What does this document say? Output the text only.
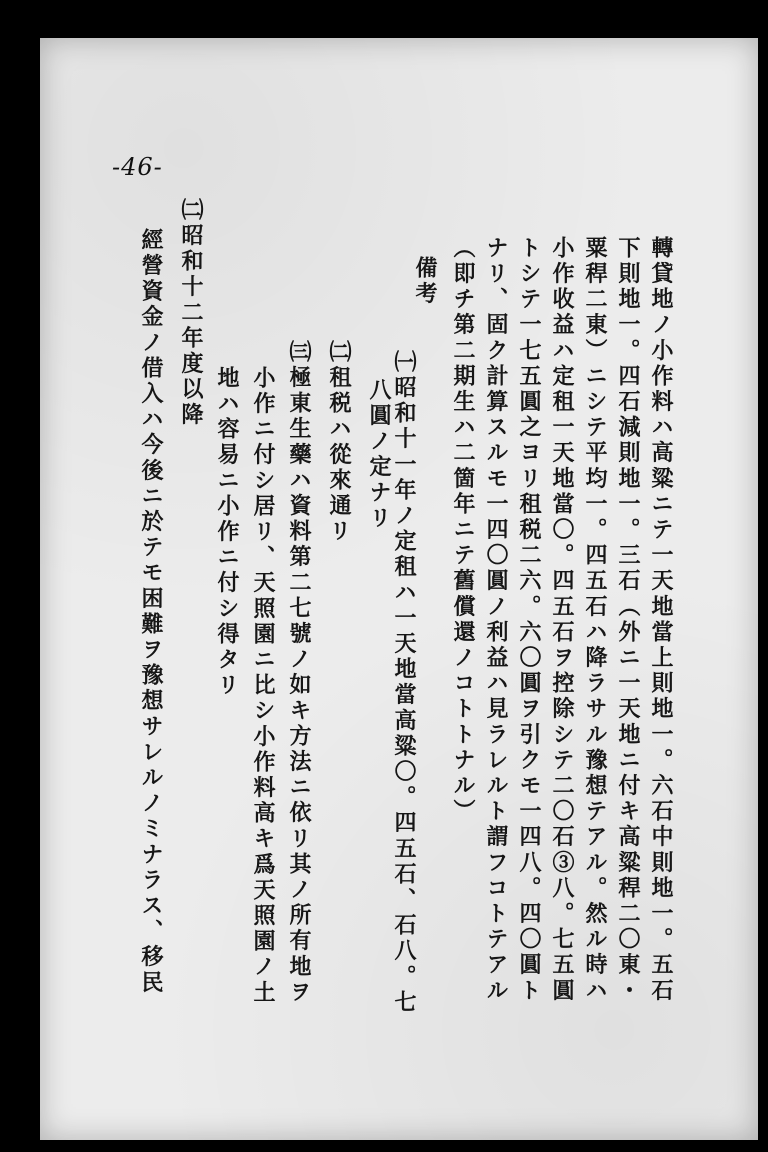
-46-
轉貸地ノ小作料ハ高粱ニテ一天地當上則地一。六石中則地一。五石
下則地一。四石減則地一。三石（外ニ一天地ニ付キ高粱稈二〇東・
粟稈二東）ニシテ平均一。四五石ハ降ラサル豫想テアル。然ル時ハ
小作收益ハ定租一天地當〇。四五石ヲ控除シテ二〇石③八。七五圓
トシテ一七五圓之ヨリ租税二六。六〇圓ヲ引クモ一四八。四〇圓ト
ナリ、固ク計算スルモ一四〇圓ノ利益ハ見ラレルト謂フコトテアル
（即チ第二期生ハ二箇年ニテ舊償還ノコトトナル）
備考
㈠昭和十一年ノ定租ハ一天地當高粱〇。四五石、石八。七
八圓ノ定ナリ
㈡租税ハ從來通リ
㈢極東生藥ハ資料第二七號ノ如キ方法ニ依リ其ノ所有地ヲ
小作ニ付シ居リ、天照園ニ比シ小作料高キ爲天照園ノ土
地ハ容易ニ小作ニ付シ得タリ
㈡昭和十二年度以降
經營資金ノ借入ハ今後ニ於テモ困難ヲ豫想サレルノミナラス、移民
